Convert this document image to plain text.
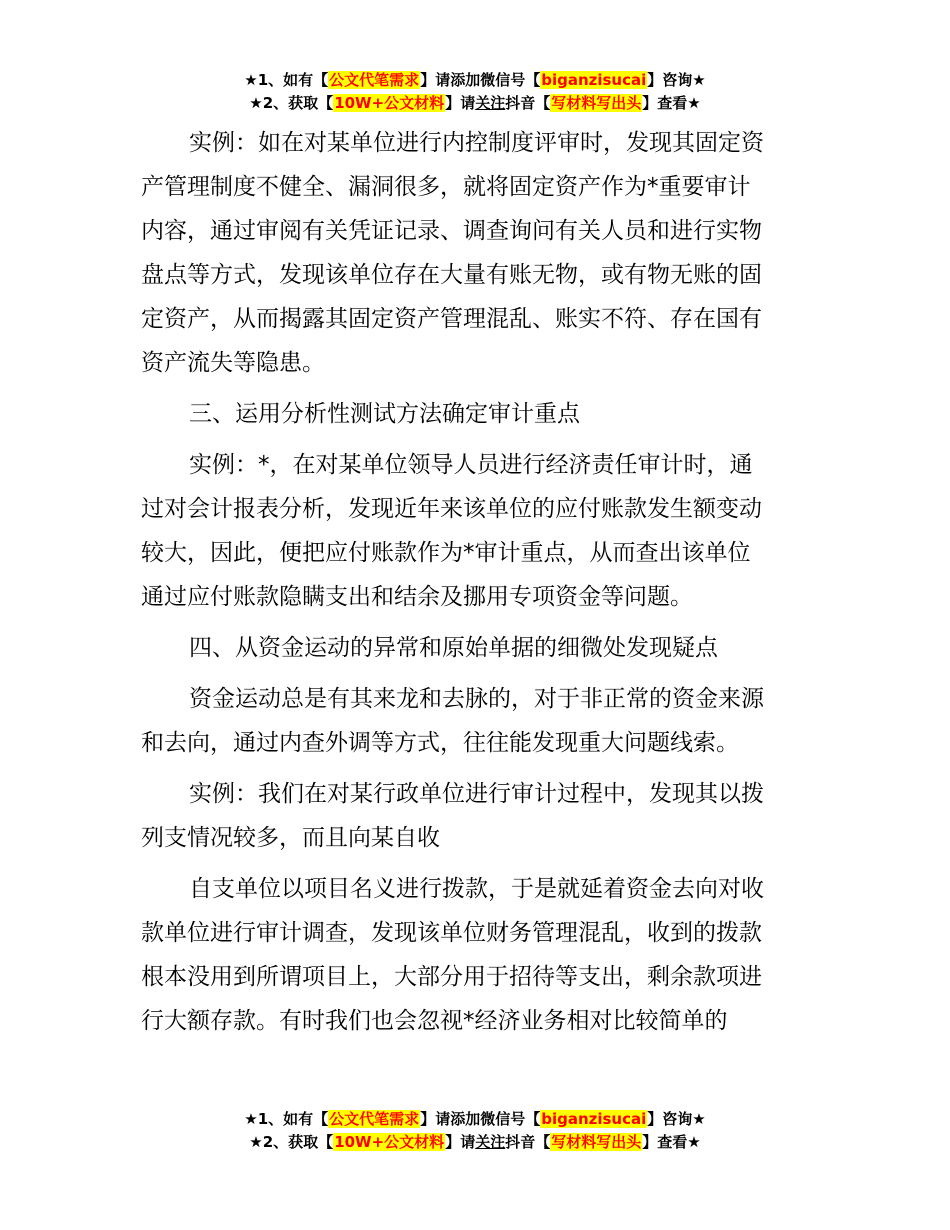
★1、如有【公文代笔需求】请添加微信号【biganzisucai】咨询★
★2、获取【10W+公文材料】请关注抖音【写材料写出头】查看★

实例：如在对某单位进行内控制度评审时，发现其固定资
产管理制度不健全、漏洞很多，就将固定资产作为*重要审计
内容，通过审阅有关凭证记录、调查询问有关人员和进行实物
盘点等方式，发现该单位存在大量有账无物，或有物无账的固
定资产，从而揭露其固定资产管理混乱、账实不符、存在国有
资产流失等隐患。

三、运用分析性测试方法确定审计重点

实例：*，在对某单位领导人员进行经济责任审计时，通
过对会计报表分析，发现近年来该单位的应付账款发生额变动
较大，因此，便把应付账款作为*审计重点，从而查出该单位
通过应付账款隐瞒支出和结余及挪用专项资金等问题。

四、从资金运动的异常和原始单据的细微处发现疑点

资金运动总是有其来龙和去脉的，对于非正常的资金来源
和去向，通过内查外调等方式，往往能发现重大问题线索。

实例：我们在对某行政单位进行审计过程中，发现其以拨
列支情况较多，而且向某自收

自支单位以项目名义进行拨款，于是就延着资金去向对收
款单位进行审计调查，发现该单位财务管理混乱，收到的拨款
根本没用到所谓项目上，大部分用于招待等支出，剩余款项进
行大额存款。有时我们也会忽视*经济业务相对比较简单的

★1、如有【公文代笔需求】请添加微信号【biganzisucai】咨询★
★2、获取【10W+公文材料】请关注抖音【写材料写出头】查看★
